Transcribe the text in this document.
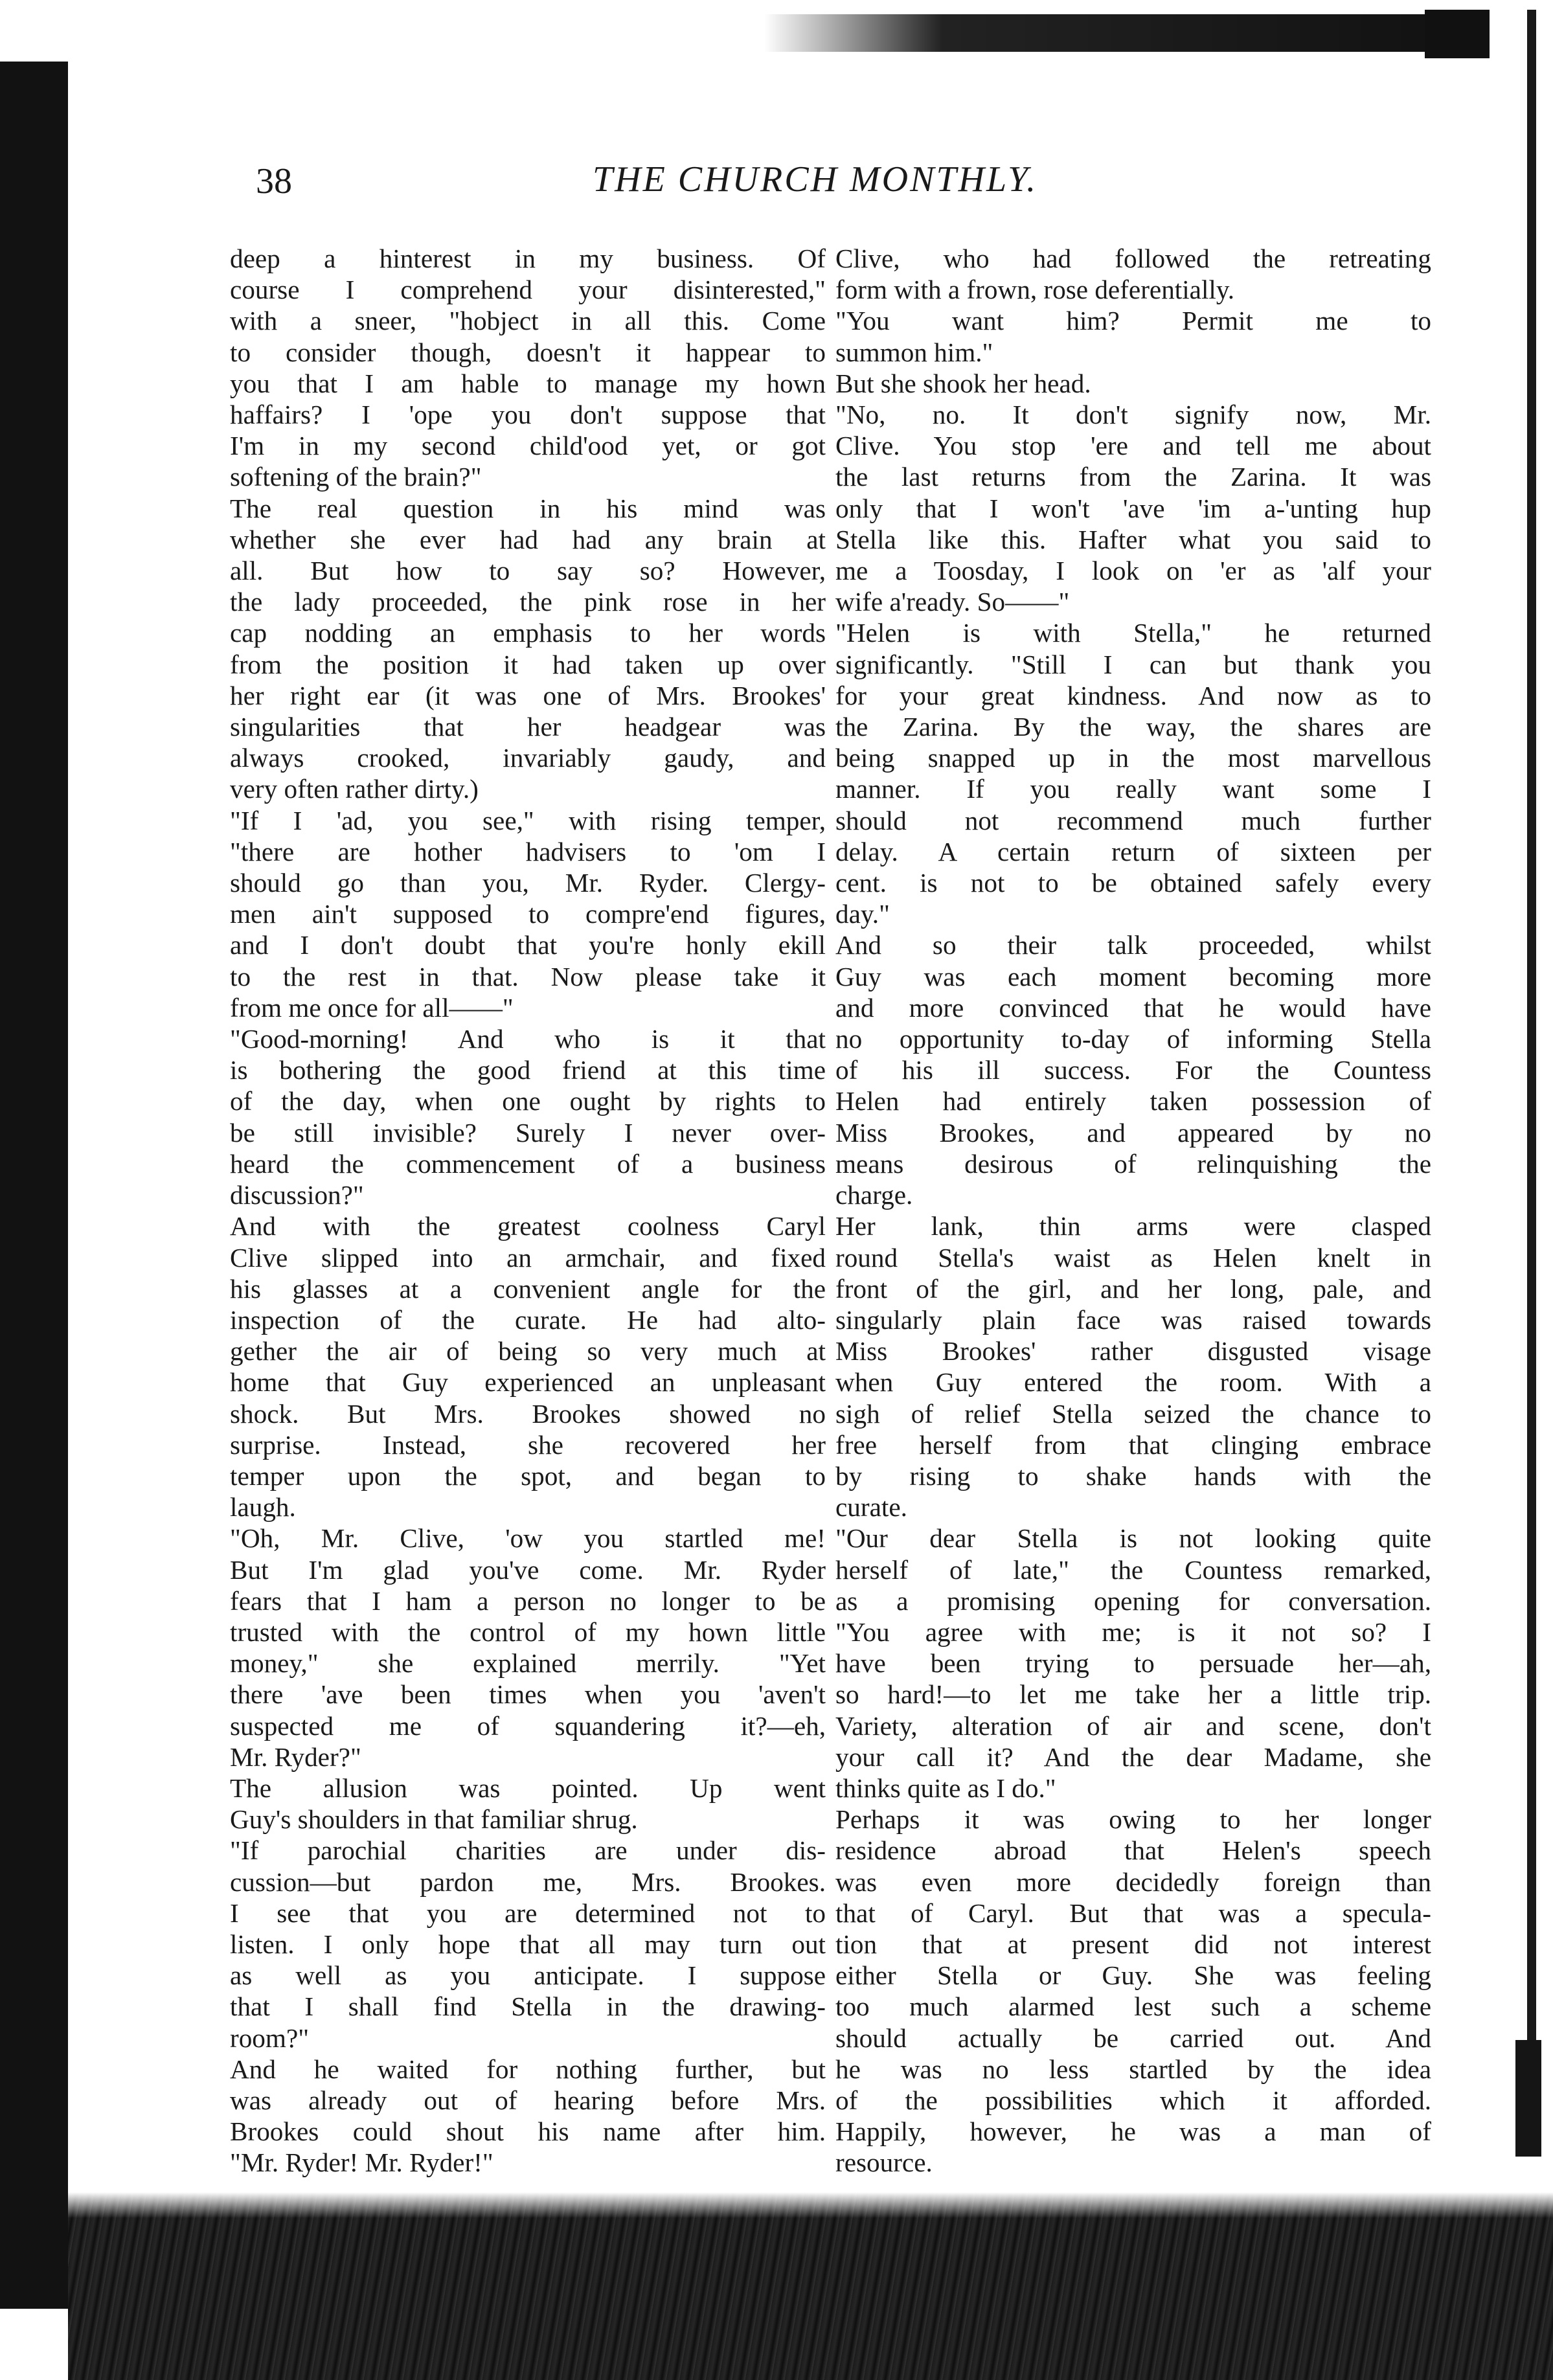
38	THE CHURCH MONTHLY.
deep a hinterest in my business. Of
course I comprehend your disinterested,"
with a sneer, "hobject in all this. Come
to consider though, doesn't it happear to
you that I am hable to manage my hown
haffairs? I 'ope you don't suppose that
I'm in my second child'ood yet, or got
softening of the brain?"
The real question in his mind was
whether she ever had had any brain at
all. But how to say so? However,
the lady proceeded, the pink rose in her
cap nodding an emphasis to her words
from the position it had taken up over
her right ear (it was one of Mrs. Brookes'
singularities that her headgear was
always crooked, invariably gaudy, and
very often rather dirty.)
"If I 'ad, you see," with rising temper,
"there are hother hadvisers to 'om I
should go than you, Mr. Ryder. Clergy-
men ain't supposed to compre'end figures,
and I don't doubt that you're honly ekill
to the rest in that. Now please take it
from me once for all——"
"Good-morning! And who is it that
is bothering the good friend at this time
of the day, when one ought by rights to
be still invisible? Surely I never over-
heard the commencement of a business
discussion?"
And with the greatest coolness Caryl
Clive slipped into an armchair, and fixed
his glasses at a convenient angle for the
inspection of the curate. He had alto-
gether the air of being so very much at
home that Guy experienced an unpleasant
shock. But Mrs. Brookes showed no
surprise. Instead, she recovered her
temper upon the spot, and began to
laugh.
"Oh, Mr. Clive, 'ow you startled me!
But I'm glad you've come. Mr. Ryder
fears that I ham a person no longer to be
trusted with the control of my hown little
money," she explained merrily. "Yet
there 'ave been times when you 'aven't
suspected me of squandering it?—eh,
Mr. Ryder?"
The allusion was pointed. Up went
Guy's shoulders in that familiar shrug.
"If parochial charities are under dis-
cussion—but pardon me, Mrs. Brookes.
I see that you are determined not to
listen. I only hope that all may turn out
as well as you anticipate. I suppose
that I shall find Stella in the drawing-
room?"
And he waited for nothing further, but
was already out of hearing before Mrs.
Brookes could shout his name after him.
"Mr. Ryder! Mr. Ryder!"
Clive, who had followed the retreating
form with a frown, rose deferentially.
"You want him? Permit me to
summon him."
But she shook her head.
"No, no. It don't signify now, Mr.
Clive. You stop 'ere and tell me about
the last returns from the Zarina. It was
only that I won't 'ave 'im a-'unting hup
Stella like this. Hafter what you said to
me a Toosday, I look on 'er as 'alf your
wife a'ready. So——"
"Helen is with Stella," he returned
significantly. "Still I can but thank you
for your great kindness. And now as to
the Zarina. By the way, the shares are
being snapped up in the most marvellous
manner. If you really want some I
should not recommend much further
delay. A certain return of sixteen per
cent. is not to be obtained safely every
day."
And so their talk proceeded, whilst
Guy was each moment becoming more
and more convinced that he would have
no opportunity to-day of informing Stella
of his ill success. For the Countess
Helen had entirely taken possession of
Miss Brookes, and appeared by no
means desirous of relinquishing the
charge.
Her lank, thin arms were clasped
round Stella's waist as Helen knelt in
front of the girl, and her long, pale, and
singularly plain face was raised towards
Miss Brookes' rather disgusted visage
when Guy entered the room. With a
sigh of relief Stella seized the chance to
free herself from that clinging embrace
by rising to shake hands with the
curate.
"Our dear Stella is not looking quite
herself of late," the Countess remarked,
as a promising opening for conversation.
"You agree with me; is it not so? I
have been trying to persuade her—ah,
so hard!—to let me take her a little trip.
Variety, alteration of air and scene, don't
your call it? And the dear Madame, she
thinks quite as I do."
Perhaps it was owing to her longer
residence abroad that Helen's speech
was even more decidedly foreign than
that of Caryl. But that was a specula-
tion that at present did not interest
either Stella or Guy. She was feeling
too much alarmed lest such a scheme
should actually be carried out. And
he was no less startled by the idea
of the possibilities which it afforded.
Happily, however, he was a man of
resource.
